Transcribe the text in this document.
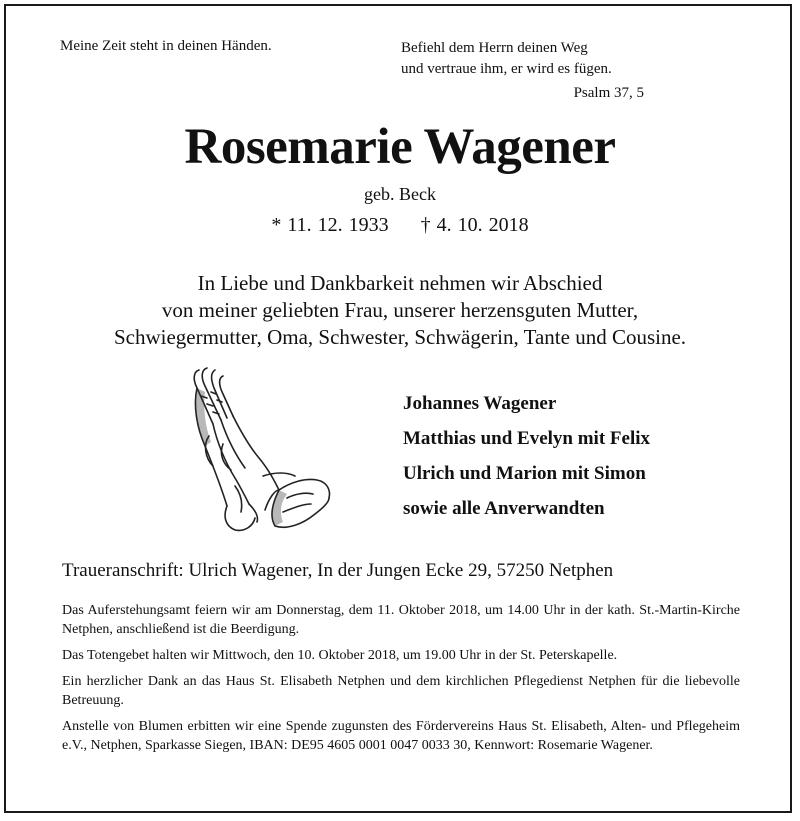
Meine Zeit steht in deinen Händen.	Befiehl dem Herrn deinen Weg
und vertraue ihm, er wird es fügen.

Psalm 37, 5

Rosemarie Wagener

geb. Beck

* 11. 12. 1933 † 4. 10. 2018

In Liebe und Dankbarkeit nehmen wir Abschied
von meiner geliebten Frau, unserer herzensguten Mutter,
Schwiegermutter, Oma, Schwester, Schwägerin, Tante und Cousine.
Johannes Wagener
Matthias und Evelyn mit Felix
Ulrich und Marion mit Simon
sowie alle Anverwandten

Traueranschrift: Ulrich Wagener, In der Jungen Ecke 29, 57250 Netphen

Das Auferstehungsamt feiern wir am Donnerstag, dem 11. Oktober 2018, um 14.00 Uhr in der kath. St.-Martin-Kirche Netphen, anschließend ist die Beerdigung.

Das Totengebet halten wir Mittwoch, den 10. Oktober 2018, um 19.00 Uhr in der St. Peterskapelle.

Ein herzlicher Dank an das Haus St. Elisabeth Netphen und dem kirchlichen Pflegedienst Netphen für die liebevolle Betreuung.

Anstelle von Blumen erbitten wir eine Spende zugunsten des Fördervereins Haus St. Elisabeth, Alten- und Pflegeheim e.V., Netphen, Sparkasse Siegen, IBAN: DE95 4605 0001 0047 0033 30, Kennwort: Rosemarie Wagener.
